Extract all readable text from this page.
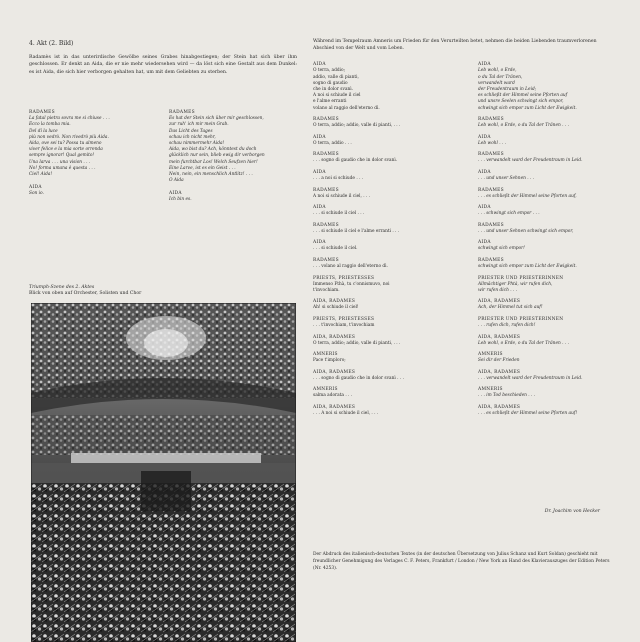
4. Akt (2. Bild)
Radamès ist in das unterirdische Gewölbe seines Grabes hinabgestiegen; der Stein hat sich über ihm geschlossen. Er denkt an Aida, die er nie mehr wiedersehen wird — da löst sich eine Gestalt aus dem Dunkel: es ist Aida, die sich hier verborgen gehalten hat, um mit dem Geliebten zu sterben.
RADAMES
La fatal pietra sovra me si chiuse . . .
Ecco la tomba mia.
Del dì la luce
più non vedrò. Non rivedrò più Aida.
Aida, ove sei tu? Possa tu almeno
viver felice e la mia sorte orrenda
sempre ignorar! Qual gemito!
Una larva . . . una vision . . .
No! forma umana è questa . . .
Ciel! Aida!
AIDA
Son io.
RADAMES
Es hat der Stein sich über mir geschlossen,
zur ruh' ich mir mein Grab.
Das Licht des Tages
schau ich nicht mehr,
schau nimmermehr Aida!
Aida, wo bist du? Ach, könntest du doch
glücklich nur sein, blieb ewig dir verborgen
mein furchtbar Los! Welch Seufzen hier!
Eine Larve, ist es ein Geist . . .
Nein, nein, ein menschlich Antlitz! . . .
O Aida
AIDA
Ich bin es.
Triumph-Szene des 2. Aktes
Blick von oben auf Orchester, Solisten und Chor
Während im Tempelraum Amneris um Frieden für den Verurteilten betet, nehmen die beiden Liebenden traumverlorenen Abschied von der Welt und vom Leben.
AIDA
O terra, addio;
addio, valle di pianti,
sogno di gaudio
che in dolor svanì.
A noi si schiude il ciel
e l'alme erranti
volano al raggio dell'eterno dì.
RADAMES
O terra, addio; addio, valle di pianti, . . .
AIDA
O terra, addio . . .
RADAMES
. . . sogno di gaudio che in dolor svanì.
AIDA
. . . a noi si schiude . . .
RADAMES
A noi si schiude il ciel, . . .
AIDA
. . . si schiude il ciel . . .
RADAMES
. . . si schiude il ciel e l'alme erranti . . .
AIDA
. . . si schiude il ciel.
RADAMES
. . . volano al raggio dell'eterno dì.
PRIESTS, PRIESTESSES
Immenso Fthà, tu c'onnismuvo, noi
t'invochiam.
AIDA, RADAMES
Ah! si schiude il ciel!
PRIESTS, PRIESTESSES
. . . t'invochiam, t'invochiam
AIDA, RADAMES
O terra, addio; addio, valle di pianti, . . .
AMNERIS
Pace t'imploro;
AIDA, RADAMES
. . . sogno di gaudio che in dolor svanì . . .
AMNERIS
salma adorata . . .
AIDA, RADAMES
. . . A noi si schiude il ciel, . . .
AIDA
Leb wohl, o Erde,
o du Tal der Tränen,
verwandelt ward
der Freudentraum in Leid;
es schließt der Himmel seine Pforten auf
und unsre Seelen schwingt sich empor,
schwingt sich empor zum Licht der Ewigkeit.
RADAMES
Leb wohl, o Erde, o du Tal der Tränen . . .
AIDA
Leb wohl . . .
RADAMES
. . . verwandelt ward der Freudentraum in Leid.
AIDA
. . . und unser Sehnen . . .
RADAMES
. . . es schließt der Himmel seine Pforten auf,
AIDA
. . . schwingt sich empor . . .
RADAMES
. . . und unser Sehnen schwingt sich empor,
AIDA
schwingt sich empor!
RADAMES
schwingt sich empor zum Licht der Ewigkeit.
PRIESTER UND PRIESTERINNEN
Allmächtiger Phtà, wir rufen dich,
wir rufen dich . . .
AIDA, RADAMES
Ach, der Himmel tut sich auf!
PRIESTER UND PRIESTERINNEN
. . . rufen dich, rufen dich!
AIDA, RADAMES
Leb wohl, o Erde, o du Tal der Tränen . . .
AMNERIS
Sei dir der Frieden
AIDA, RADAMES
. . . verwandelt ward der Freudentraum in Leid.
AMNERIS
. . . im Tod beschieden . . .
AIDA, RADAMES
. . . es schließt der Himmel seine Pforten auf!
Dr. Joachim von Hecker
Der Abdruck des italienisch-deutschen Textes (in der deutschen Übersetzung von Julius Schanz und Kurt Soldan) geschieht mit freundlicher Genehmigung des Verlages C. F. Peters, Frankfurt / London / New York an Hand des Klavierauszuges der Edition Peters (Nr. 4253).
